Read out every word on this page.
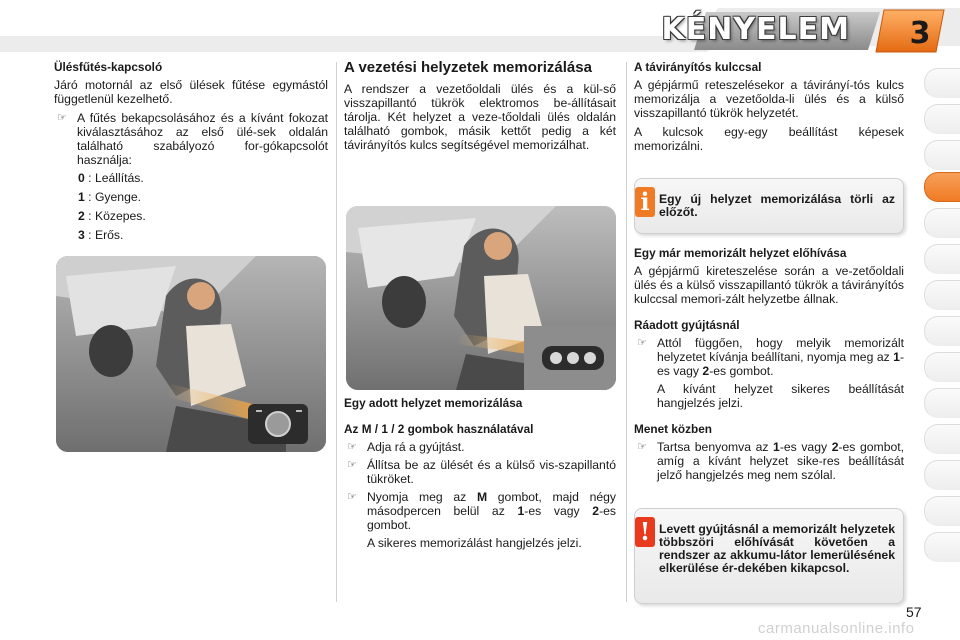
KÉNYELEM	3
Ülésfűtés-kapcsoló

Járó motornál az első ülések fűtése egymástól függetlenül kezelhető.

☞ A fűtés bekapcsolásához és a kívánt fokozat kiválasztásához az első ülé-sek oldalán található szabályozó for-gókapcsolót használja:
0 : Leállítás.
1 : Gyenge.
2 : Közepes.
3 : Erős.
A vezetési helyzetek memorizálása

A rendszer a vezetőoldali ülés és a kül-ső visszapillantó tükrök elektromos be-állításait tárolja. Két helyzet a veze-tőoldali ülés oldalán található gombok, másik kettőt pedig a két távirányítós kulcs segítségével memorizálhat.

Egy adott helyzet memorizálása
Az M / 1 / 2 gombok használatával
☞ Adja rá a gyújtást.
☞ Állítsa be az ülését és a külső vis-szapillantó tükröket.
☞ Nyomja meg az M gombot, majd négy másodpercen belül az 1-es vagy 2-es gombot.

A sikeres memorizálást hangjelzés jelzi.

A távirányítós kulccsal

A gépjármű reteszelésekor a távirányí-tós kulcs memorizálja a vezetőolda-li ülés és a külső visszapillantó tükrök helyzetét.

A kulcsok egy-egy beállítást képesek memorizálni.

i Egy új helyzet memorizálása törli az előzőt.
Egy már memorizált helyzet előhívása

A gépjármű kireteszelése során a ve-zetőoldali ülés és a külső visszapillantó tükrök a távirányítós kulccsal memori-zált helyzetbe állnak.

Ráadott gyújtásnál
☞ Attól függően, hogy melyik memorizált helyzetet kívánja beállítani, nyomja meg az 1-es vagy 2-es gombot.

A kívánt helyzet sikeres beállítását hangjelzés jelzi.

Menet közben
☞ Tartsa benyomva az 1-es vagy 2-es gombot, amíg a kívánt helyzet sike-res beállítását jelző hangjelzés meg nem szólal.
! Levett gyújtásnál a memorizált helyzetek többszöri előhívását követően a rendszer az akkumu-látor lemerülésének elkerülése ér-dekében kikapcsol.
57
carmanualsonline.info
